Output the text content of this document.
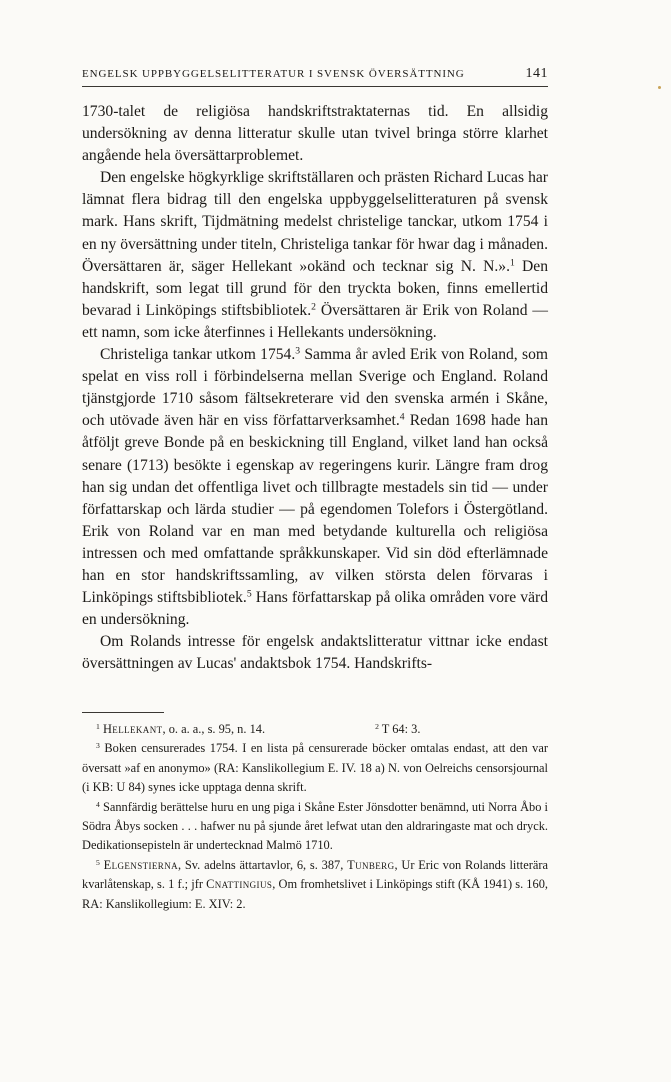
ENGELSK UPPBYGGELSELITTERATUR I SVENSK ÖVERSÄTTNING	141

1730-talet de religiösa handskriftstraktaternas tid. En allsidig undersökning av denna litteratur skulle utan tvivel bringa större klarhet angående hela översättarproblemet.

Den engelske högkyrklige skriftställaren och prästen Richard Lucas har lämnat flera bidrag till den engelska uppbyggelselitteraturen på svensk mark. Hans skrift, Tijdmätning medelst christelige tanckar, utkom 1754 i en ny översättning under titeln, Christeliga tankar för hwar dag i månaden. Översättaren är, säger Hellekant »okänd och tecknar sig N. N.».$^1$ Den handskrift, som legat till grund för den tryckta boken, finns emellertid bevarad i Linköpings stiftsbibliotek.$^2$ Översättaren är Erik von Roland — ett namn, som icke återfinnes i Hellekants undersökning.

Christeliga tankar utkom 1754.$^3$ Samma år avled Erik von Roland, som spelat en viss roll i förbindelserna mellan Sverige och England. Roland tjänstgjorde 1710 såsom fältsekreterare vid den svenska armén i Skåne, och utövade även här en viss författarverksamhet.$^4$ Redan 1698 hade han åtföljt greve Bonde på en beskickning till England, vilket land han också senare (1713) besökte i egenskap av regeringens kurir. Längre fram drog han sig undan det offentliga livet och tillbragte mestadels sin tid — under författarskap och lärda studier — på egendomen Tolefors i Östergötland. Erik von Roland var en man med betydande kulturella och religiösa intressen och med omfattande språkkunskaper. Vid sin död efterlämnade han en stor handskriftssamling, av vilken största delen förvaras i Linköpings stiftsbibliotek.$^5$ Hans författarskap på olika områden vore värd en undersökning.

Om Rolands intresse för engelsk andaktslitteratur vittnar icke endast översättningen av Lucas' andaktsbok 1754. Handskrifts-

$^1$ Hellekant, o. a. a., s. 95, n. 14.	$^2$ T 64: 3.

$^3$ Boken censurerades 1754. I en lista på censurerade böcker omtalas endast, att den var översatt »af en anonymo» (RA: Kanslikollegium E. IV. 18 a) N. von Oelreichs censorsjournal (i KB: U 84) synes icke upptaga denna skrift.

$^4$ Sannfärdig berättelse huru en ung piga i Skåne Ester Jönsdotter benämnd, uti Norra Åbo i Södra Åbys socken . . . hafwer nu på sjunde året lefwat utan den aldraringaste mat och dryck. Dedikationsepisteln är undertecknad Malmö 1710.

$^5$ Elgenstierna, Sv. adelns ättartavlor, 6, s. 387, Tunberg, Ur Eric von Rolands litterära kvarlåtenskap, s. 1 f.; jfr Cnattingius, Om fromhetslivet i Linköpings stift (KÅ 1941) s. 160, RA: Kanslikollegium: E. XIV: 2.
